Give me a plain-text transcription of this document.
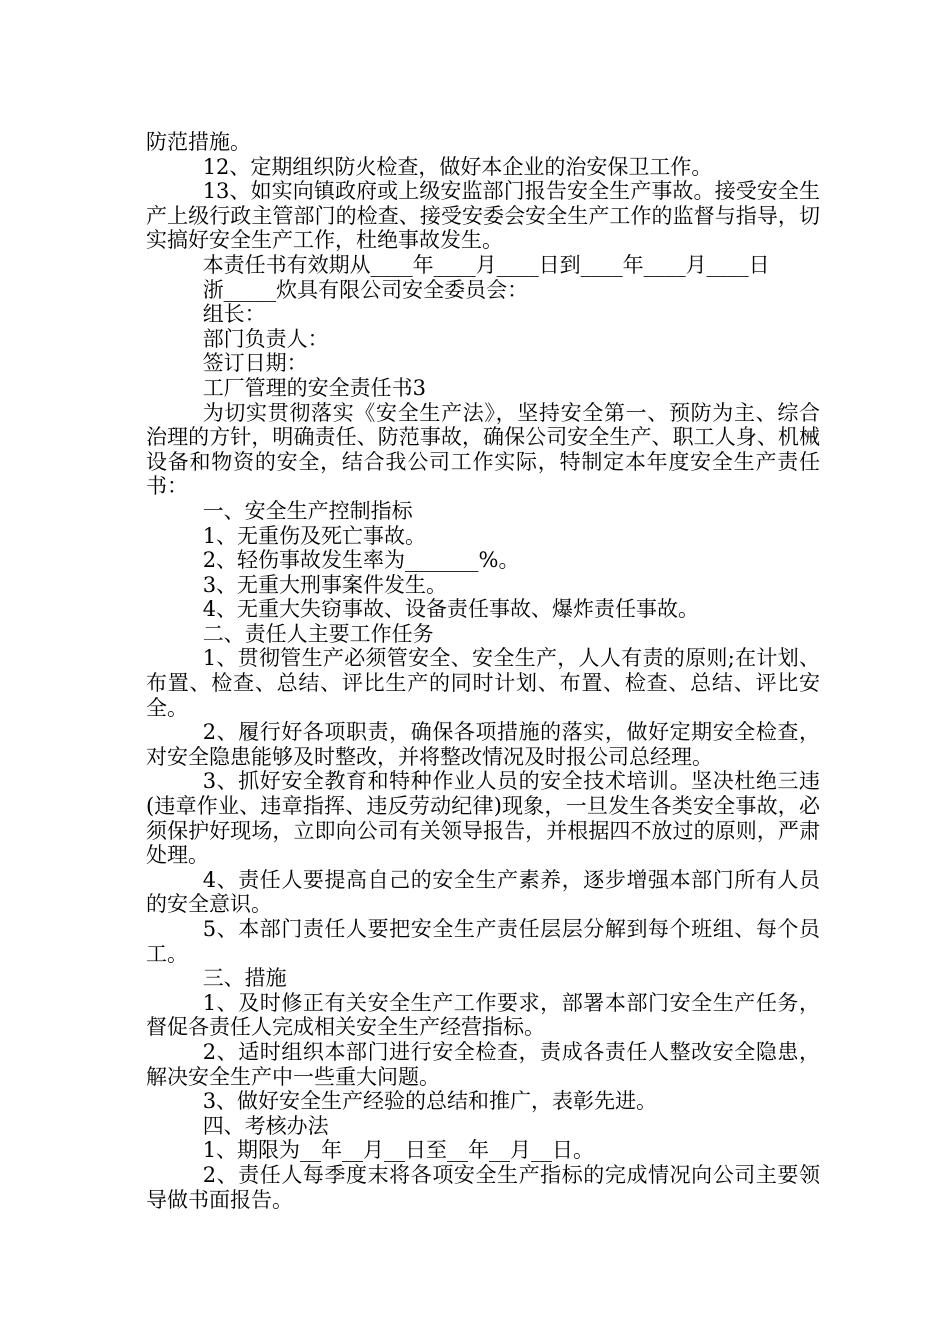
防范措施。

12、定期组织防火检查，做好本企业的治安保卫工作。

13、如实向镇政府或上级安监部门报告安全生产事故。接受安全生产上级行政主管部门的检查、接受安委会安全生产工作的监督与指导，切实搞好安全生产工作，杜绝事故发生。

本责任书有效期从____年____月____日到____年____月____日

浙_____炊具有限公司安全委员会：

组长：

部门负责人：

签订日期：

工厂管理的安全责任书3

为切实贯彻落实《安全生产法》，坚持安全第一、预防为主、综合治理的方针，明确责任、防范事故，确保公司安全生产、职工人身、机械设备和物资的安全，结合我公司工作实际，特制定本年度安全生产责任书：

一、安全生产控制指标

1、无重伤及死亡事故。

2、轻伤事故发生率为_______%。

3、无重大刑事案件发生。

4、无重大失窃事故、设备责任事故、爆炸责任事故。

二、责任人主要工作任务

1、贯彻管生产必须管安全、安全生产，人人有责的原则;在计划、布置、检查、总结、评比生产的同时计划、布置、检查、总结、评比安全。

2、履行好各项职责，确保各项措施的落实，做好定期安全检查，对安全隐患能够及时整改，并将整改情况及时报公司总经理。

3、抓好安全教育和特种作业人员的安全技术培训。坚决杜绝三违(违章作业、违章指挥、违反劳动纪律)现象，一旦发生各类安全事故，必须保护好现场，立即向公司有关领导报告，并根据四不放过的原则，严肃处理。

4、责任人要提高自己的安全生产素养，逐步增强本部门所有人员的安全意识。

5、本部门责任人要把安全生产责任层层分解到每个班组、每个员工。

三、措施

1、及时修正有关安全生产工作要求，部署本部门安全生产任务，督促各责任人完成相关安全生产经营指标。

2、适时组织本部门进行安全检查，责成各责任人整改安全隐患，解决安全生产中一些重大问题。

3、做好安全生产经验的总结和推广，表彰先进。

四、考核办法

1、期限为__年__月__日至__年__月__日。

2、责任人每季度末将各项安全生产指标的完成情况向公司主要领导做书面报告。
